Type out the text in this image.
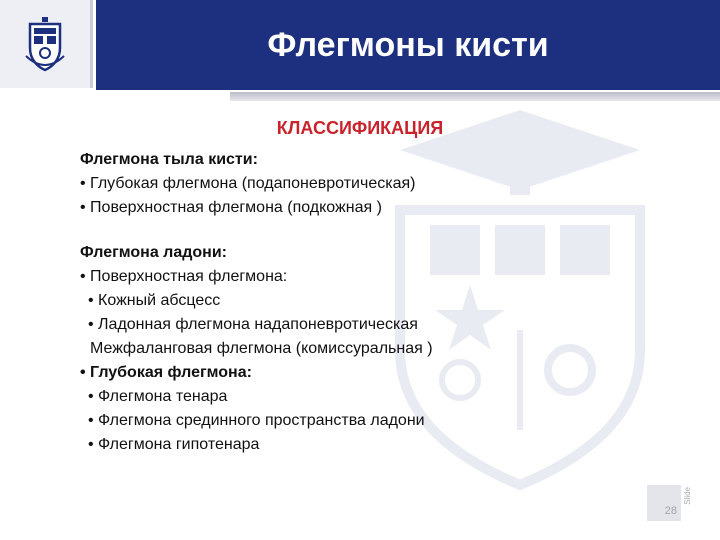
Флегмоны кисти
КЛАССИФИКАЦИЯ
Флегмона тыла кисти:
• Глубокая флегмона (подапоневротическая)
• Поверхностная флегмона (подкожная )
Флегмона ладони:
• Поверхностная флегмона:
• Кожный абсцесс
• Ладонная флегмона надапоневротическая
Межфаланговая флегмона (комиссуральная )
• Глубокая флегмона:
• Флегмона тенара
• Флегмона срединного пространства ладони
• Флегмона гипотенара
28
Slide
